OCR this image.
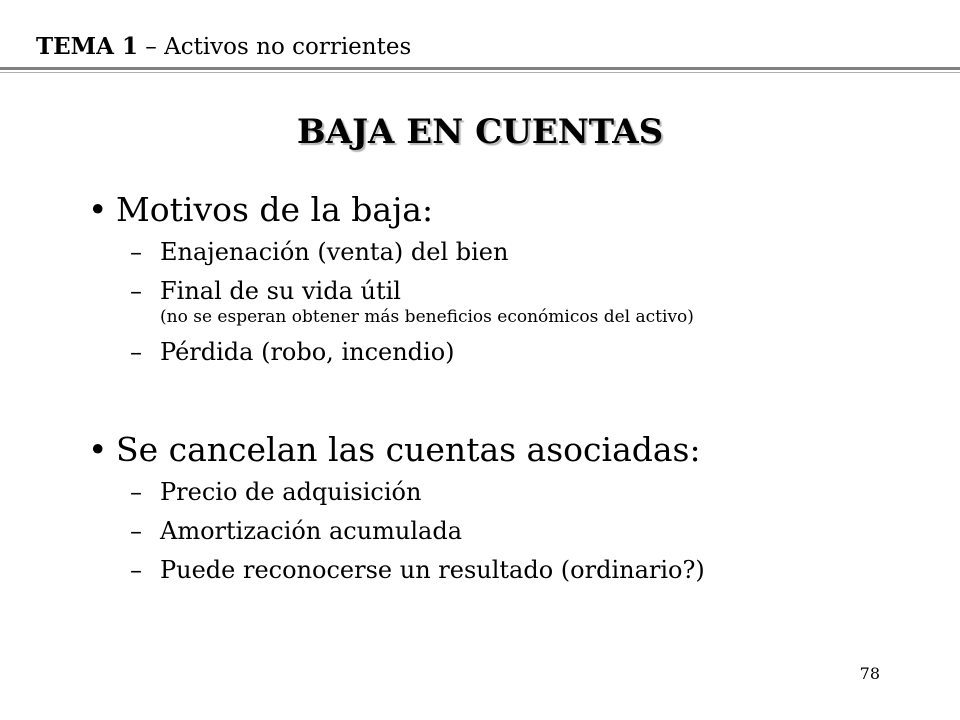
TEMA 1 – Activos no corrientes
BAJA EN CUENTAS
• Motivos de la baja:
– Enajenación (venta) del bien
– Final de su vida útil
(no se esperan obtener más beneficios económicos del activo)
– Pérdida (robo, incendio)
• Se cancelan las cuentas asociadas:
– Precio de adquisición
– Amortización acumulada
– Puede reconocerse un resultado (ordinario?)
78
